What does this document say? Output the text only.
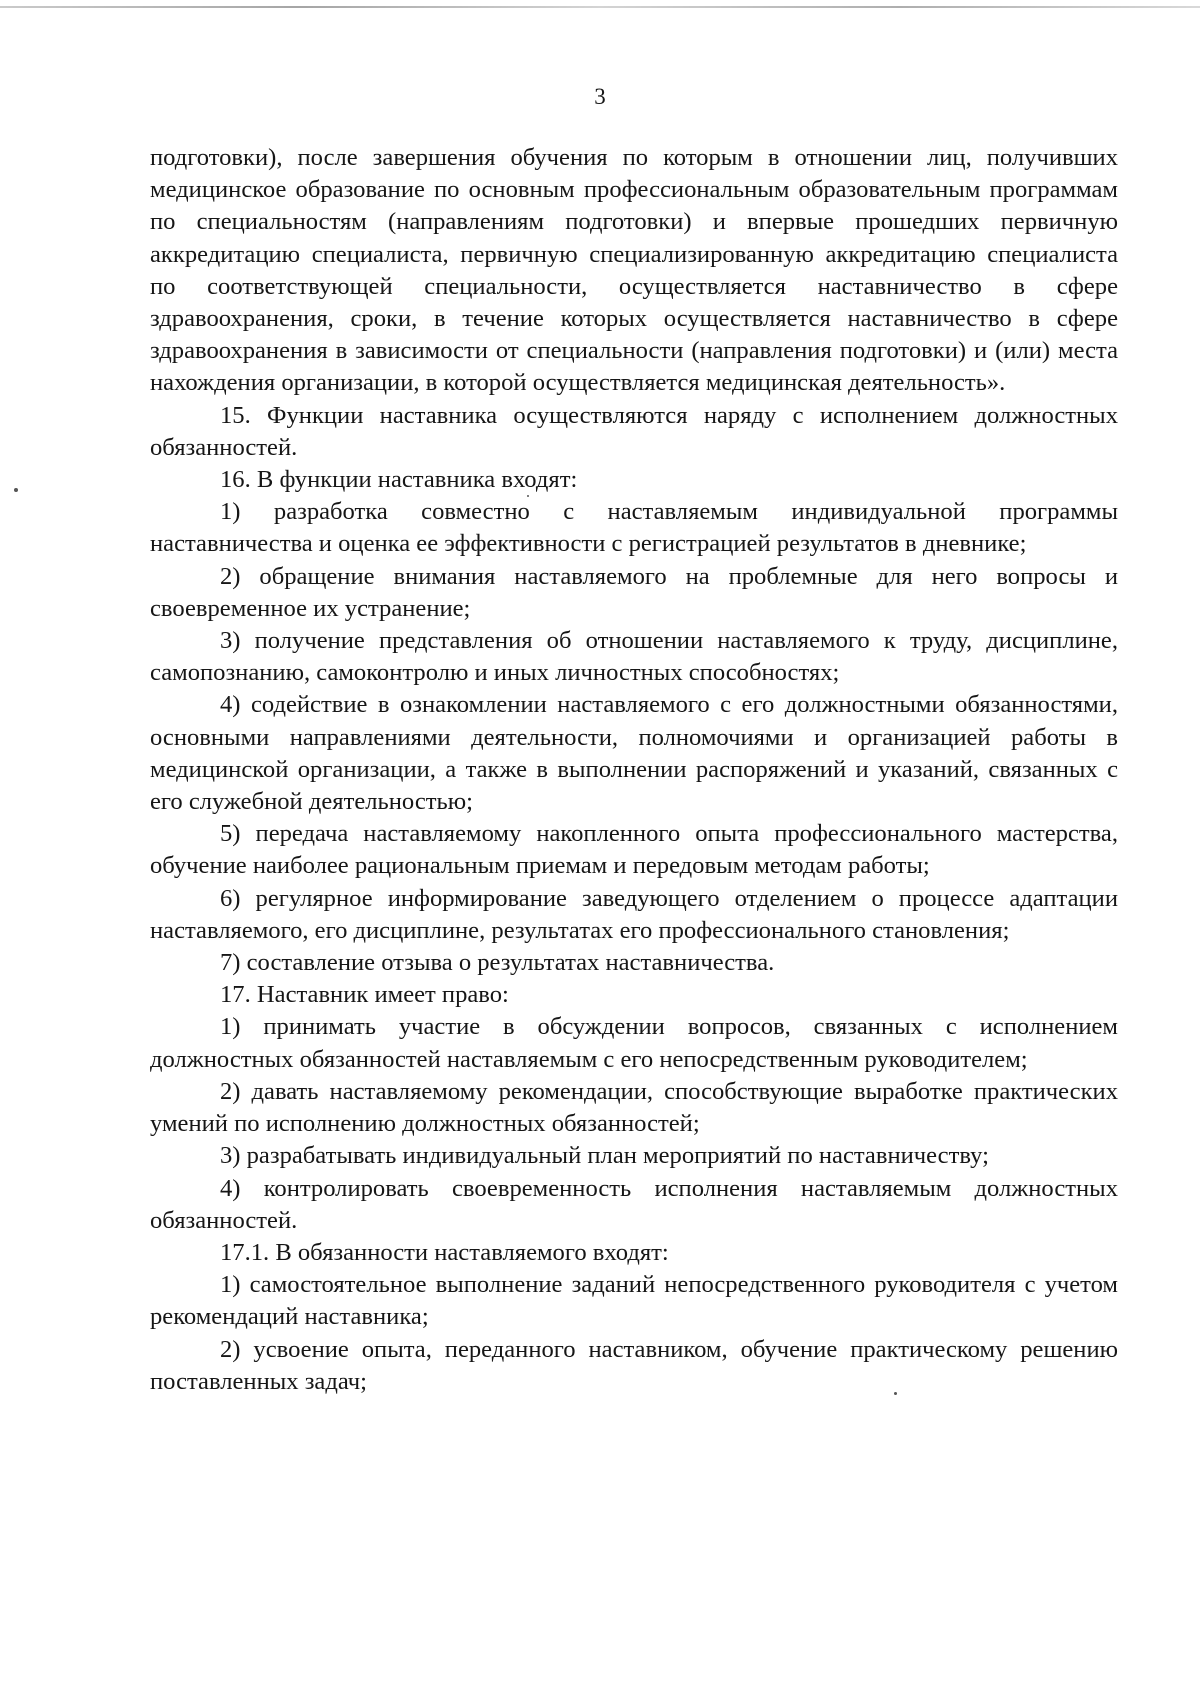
3

подготовки), после завершения обучения по которым в отношении лиц, получивших медицинское образование по основным профессиональным образовательным программам по специальностям (направлениям подготовки) и впервые прошедших первичную аккредитацию специалиста, первичную специализированную аккредитацию специалиста по соответствующей специальности, осуществляется наставничество в сфере здравоохранения, сроки, в течение которых осуществляется наставничество в сфере здравоохранения в зависимости от специальности (направления подготовки) и (или) места нахождения организации, в которой осуществляется медицинская деятельность».

15. Функции наставника осуществляются наряду с исполнением должностных обязанностей.

16. В функции наставника входят:

1) разработка совместно с наставляемым индивидуальной программы наставничества и оценка ее эффективности с регистрацией результатов в дневнике;

2) обращение внимания наставляемого на проблемные для него вопросы и своевременное их устранение;

3) получение представления об отношении наставляемого к труду, дисциплине, самопознанию, самоконтролю и иных личностных способностях;

4) содействие в ознакомлении наставляемого с его должностными обязанностями, основными направлениями деятельности, полномочиями и организацией работы в медицинской организации, а также в выполнении распоряжений и указаний, связанных с его служебной деятельностью;

5) передача наставляемому накопленного опыта профессионального мастерства, обучение наиболее рациональным приемам и передовым методам работы;

6) регулярное информирование заведующего отделением о процессе адаптации наставляемого, его дисциплине, результатах его профессионального становления;

7) составление отзыва о результатах наставничества.

17. Наставник имеет право:

1) принимать участие в обсуждении вопросов, связанных с исполнением должностных обязанностей наставляемым с его непосредственным руководителем;

2) давать наставляемому рекомендации, способствующие выработке практических умений по исполнению должностных обязанностей;

3) разрабатывать индивидуальный план мероприятий по наставничеству;

4) контролировать своевременность исполнения наставляемым должностных обязанностей.

17.1. В обязанности наставляемого входят:

1) самостоятельное выполнение заданий непосредственного руководителя с учетом рекомендаций наставника;

2) усвоение опыта, переданного наставником, обучение практическому решению поставленных задач;
